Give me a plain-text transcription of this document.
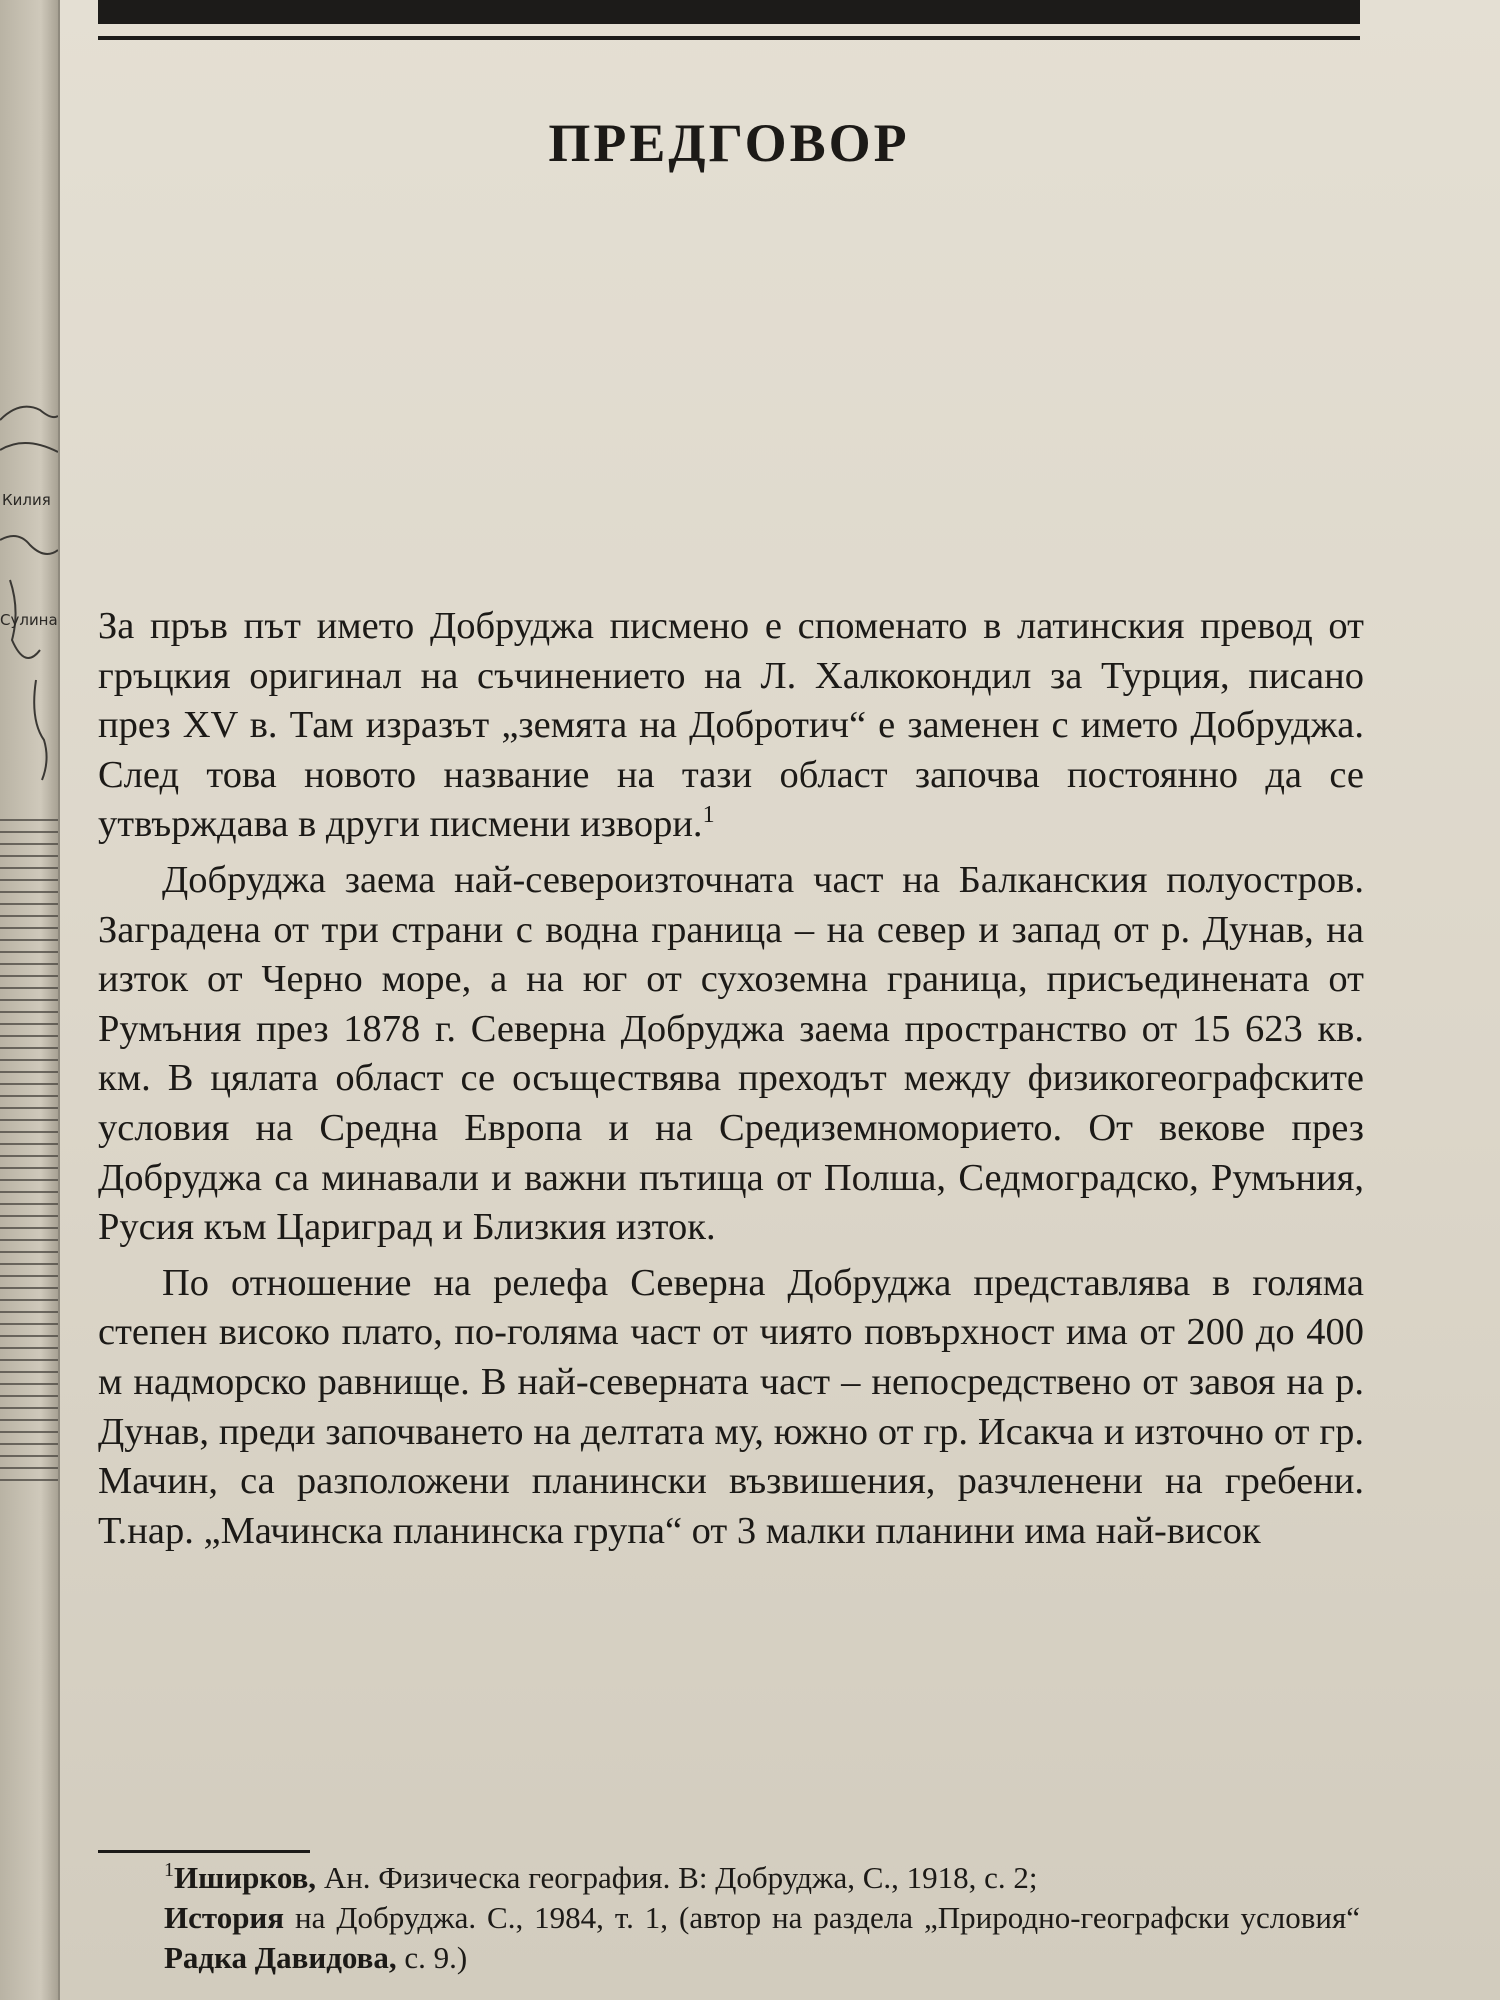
Килия
Сулина
ПРЕДГОВОР

За пръв път името Добруджа писмено е споменато в латинския превод от гръцкия оригинал на съчинението на Л. Халкокондил за Турция, писано през XV в. Там изразът „земята на Добротич“ е заменен с името Добруджа. След това новото название на тази област започва постоянно да се утвърждава в други писмени извори.$^1$

Добруджа заема най-североизточната част на Балканския полуостров. Заградена от три страни с водна граница – на север и запад от р. Дунав, на изток от Черно море, а на юг от сухоземна граница, присъединената от Румъния през 1878 г. Северна Добруджа заема пространство от 15 623 кв. км. В цялата област се осъществява преходът между физикогеографските условия на Средна Европа и на Средиземноморието. От векове през Добруджа са минавали и важни пътища от Полша, Седмоградско, Румъния, Русия към Цариград и Близкия изток.

По отношение на релефа Северна Добруджа представлява в голяма степен високо плато, по-голяма част от чиято повърхност има от 200 до 400 м надморско равнище. В най-северната част – непосредствено от завоя на р. Дунав, преди започването на делтата му, южно от гр. Исакча и източно от гр. Мачин, са разположени планински възвишения, разчленени на гребени. Т.нар. „Мачинска планинска група“ от 3 малки планини има най-висок

$^1$Иширков, Ан. Физическа география. В: Добруджа, С., 1918, с. 2;
История на Добруджа. С., 1984, т. 1, (автор на раздела „Природно-географски условия“ Радка Давидова, с. 9.)
